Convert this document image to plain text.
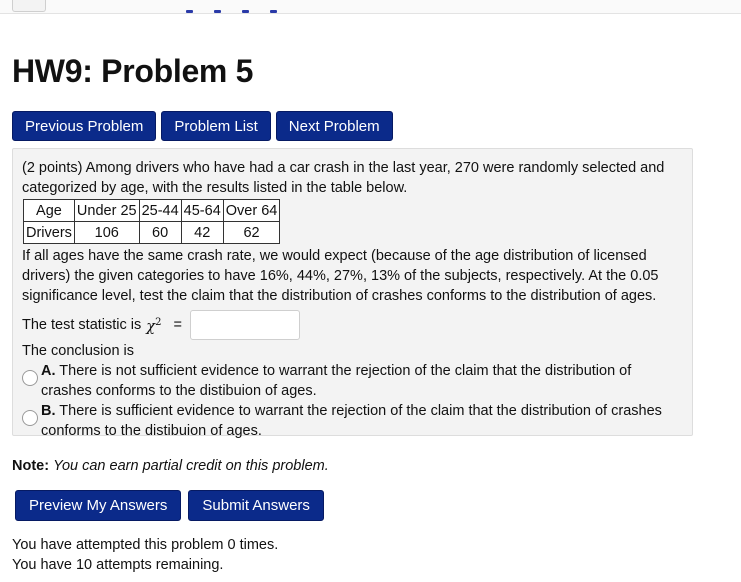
HW9: Problem 5
Previous Problem	Problem List	Next Problem

(2 points) Among drivers who have had a car crash in the last year, 270 were randomly selected and categorized by age, with the results listed in the table below.

Age	Under 25	25-44	45-64	Over 64
Drivers	106	60	42	62

If all ages have the same crash rate, we would expect (because of the age distribution of licensed drivers) the given categories to have 16%, 44%, 27%, 13% of the subjects, respectively. At the 0.05 significance level, test the claim that the distribution of crashes conforms to the distribution of ages.

The test statistic is $\chi^2$ =

The conclusion is

A. There is not sufficient evidence to warrant the rejection of the claim that the distribution of crashes conforms to the distibuion of ages.
B. There is sufficient evidence to warrant the rejection of the claim that the distribution of crashes conforms to the distibuion of ages.
Note: You can earn partial credit on this problem.
Preview My Answers	Submit Answers

You have attempted this problem 0 times.

You have 10 attempts remaining.
